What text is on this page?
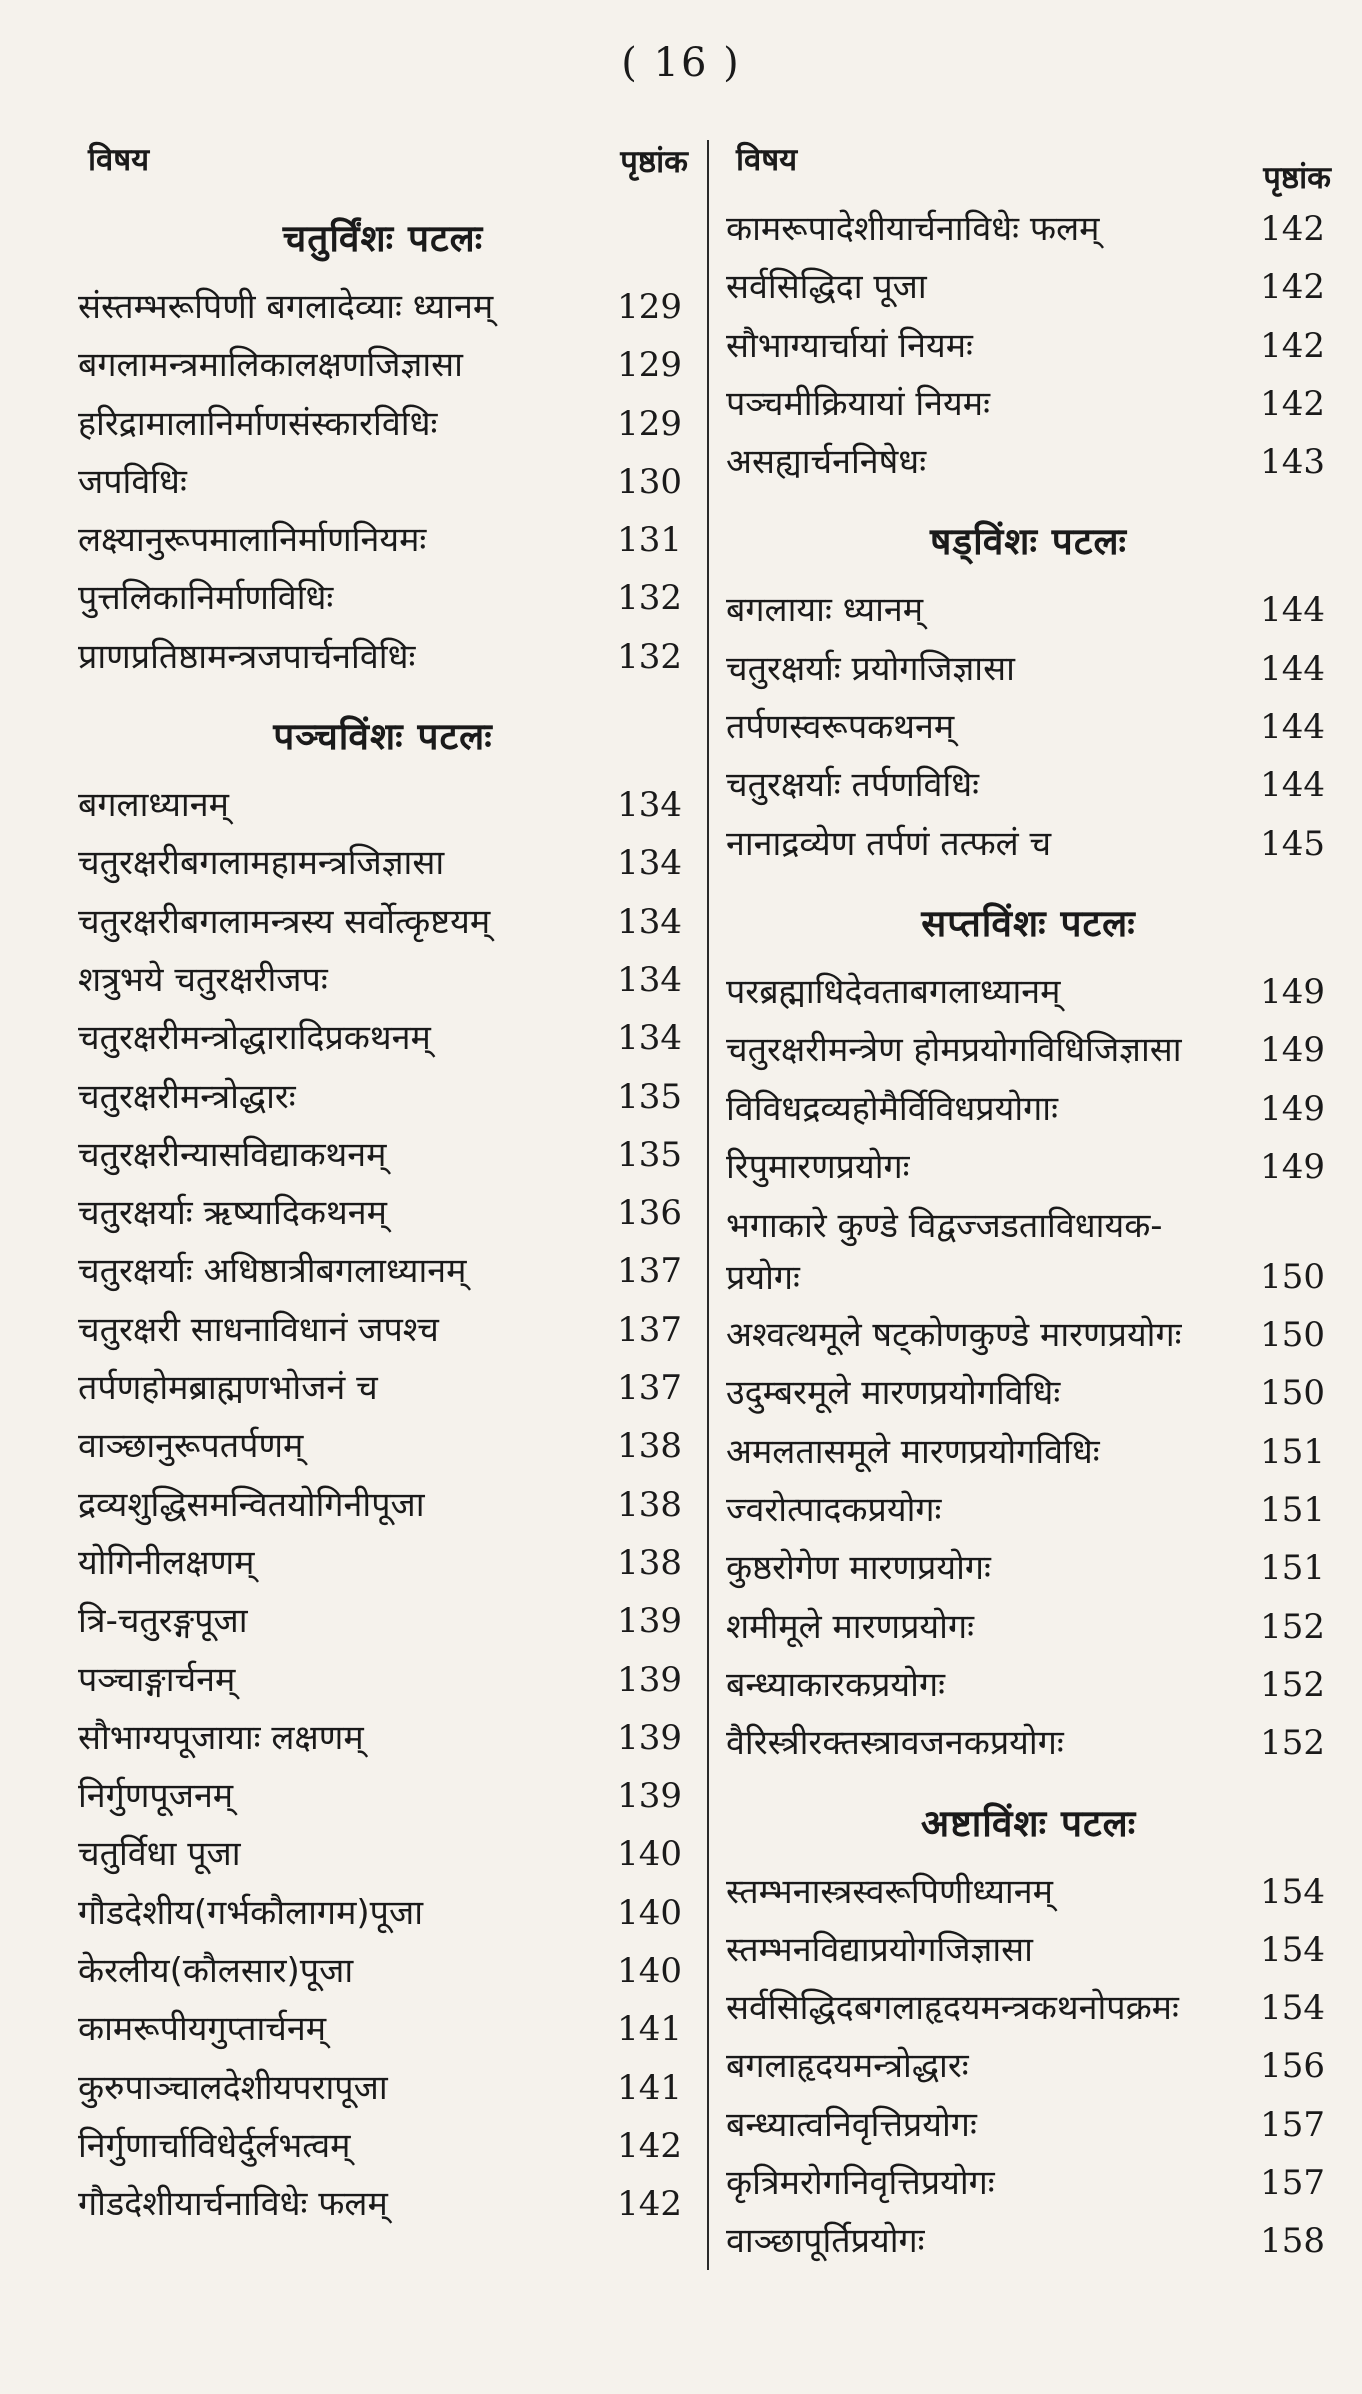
( 16 )
विषय	पृष्ठांक
चतुर्विंशः पटलः
संस्तम्भरूपिणी बगलादेव्याः ध्यानम्	129
बगलामन्त्रमालिकालक्षणजिज्ञासा	129
हरिद्रामालानिर्माणसंस्कारविधिः	129
जपविधिः	130
लक्ष्यानुरूपमालानिर्माणनियमः	131
पुत्तलिकानिर्माणविधिः	132
प्राणप्रतिष्ठामन्त्रजपार्चनविधिः	132
पञ्चविंशः पटलः
बगलाध्यानम्	134
चतुरक्षरीबगलामहामन्त्रजिज्ञासा	134
चतुरक्षरीबगलामन्त्रस्य सर्वोत्कृष्टयम्	134
शत्रुभये चतुरक्षरीजपः	134
चतुरक्षरीमन्त्रोद्धारादिप्रकथनम्	134
चतुरक्षरीमन्त्रोद्धारः	135
चतुरक्षरीन्यासविद्याकथनम्	135
चतुरक्षर्याः ऋष्यादिकथनम्	136
चतुरक्षर्याः अधिष्ठात्रीबगलाध्यानम्	137
चतुरक्षरी साधनाविधानं जपश्च	137
तर्पणहोमब्राह्मणभोजनं च	137
वाञ्छानुरूपतर्पणम्	138
द्रव्यशुद्धिसमन्वितयोगिनीपूजा	138
योगिनीलक्षणम्	138
त्रि-चतुरङ्गपूजा	139
पञ्चाङ्गार्चनम्	139
सौभाग्यपूजायाः लक्षणम्	139
निर्गुणपूजनम्	139
चतुर्विधा पूजा	140
गौडदेशीय(गर्भकौलागम)पूजा	140
केरलीय(कौलसार)पूजा	140
कामरूपीयगुप्तार्चनम्	141
कुरुपाञ्चालदेशीयपरापूजा	141
निर्गुणार्चाविधेर्दुर्लभत्वम्	142
गौडदेशीयार्चनाविधेः फलम्	142
विषय	पृष्ठांक
कामरूपादेशीयार्चनाविधेः फलम्	142
सर्वसिद्धिदा पूजा	142
सौभाग्यार्चायां नियमः	142
पञ्चमीक्रियायां नियमः	142
असह्यार्चननिषेधः	143
षड्विंशः पटलः
बगलायाः ध्यानम्	144
चतुरक्षर्याः प्रयोगजिज्ञासा	144
तर्पणस्वरूपकथनम्	144
चतुरक्षर्याः तर्पणविधिः	144
नानाद्रव्येण तर्पणं तत्फलं च	145
सप्तविंशः पटलः
परब्रह्माधिदेवताबगलाध्यानम्	149
चतुरक्षरीमन्त्रेण होमप्रयोगविधिजिज्ञासा 149
विविधद्रव्यहोमैर्विविधप्रयोगाः	149
रिपुमारणप्रयोगः	149
भगाकारे कुण्डे विद्वज्जडताविधायक- प्रयोगः	150
अश्वत्थमूले षट्कोणकुण्डे मारणप्रयोगः 150
उदुम्बरमूले मारणप्रयोगविधिः	150
अमलतासमूले मारणप्रयोगविधिः	151
ज्वरोत्पादकप्रयोगः	151
कुष्ठरोगेण मारणप्रयोगः	151
शमीमूले मारणप्रयोगः	152
बन्ध्याकारकप्रयोगः	152
वैरिस्त्रीरक्तस्त्रावजनकप्रयोगः	152
अष्टाविंशः पटलः
स्तम्भनास्त्रस्वरूपिणीध्यानम्	154
स्तम्भनविद्याप्रयोगजिज्ञासा	154
सर्वसिद्धिदबगलाहृदयमन्त्रकथनोपक्रमः 154
बगलाहृदयमन्त्रोद्धारः	156
बन्ध्यात्वनिवृत्तिप्रयोगः	157
कृत्रिमरोगनिवृत्तिप्रयोगः	157
वाञ्छापूर्तिप्रयोगः	158
